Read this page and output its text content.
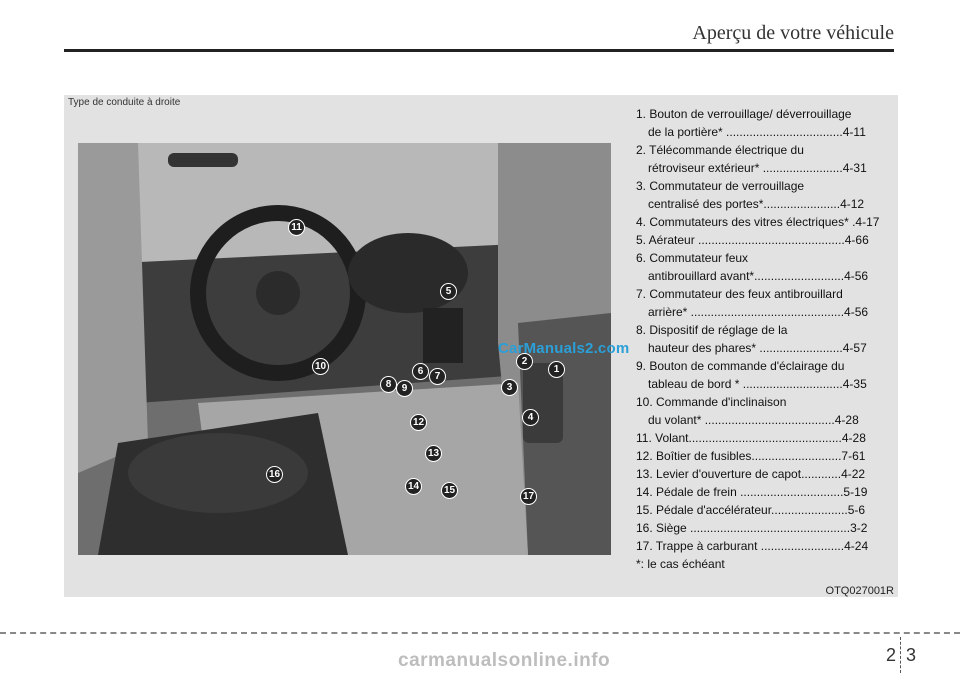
Aperçu de votre véhicule
Type de conduite à droite
1
2
3
4
5
6	7
8	9
10
11
12
13
14 15
16
17
CarManuals2.com
1. Bouton de verrouillage/ déverrouillage
de la portière* ...................................4-11
2. Télécommande électrique du
rétroviseur extérieur* ........................4-31
3. Commutateur de verrouillage
centralisé des portes*.......................4-12
4. Commutateurs des vitres électriques* .4-17
5. Aérateur ............................................4-66
6. Commutateur feux
antibrouillard avant*...........................4-56
7. Commutateur des feux antibrouillard
arrière* ..............................................4-56
8. Dispositif de réglage de la
hauteur des phares* .........................4-57
9. Bouton de commande d'éclairage du
tableau de bord * ..............................4-35
10. Commande d'inclinaison
du volant* .......................................4-28
11. Volant..............................................4-28
12. Boîtier de fusibles...........................7-61
13. Levier d'ouverture de capot............4-22
14. Pédale de frein ...............................5-19
15. Pédale d'accélérateur.......................5-6
16. Siège ................................................3-2
17. Trappe à carburant .........................4-24
*: le cas échéant
OTQ027001R
2 3
carmanualsonline.info
